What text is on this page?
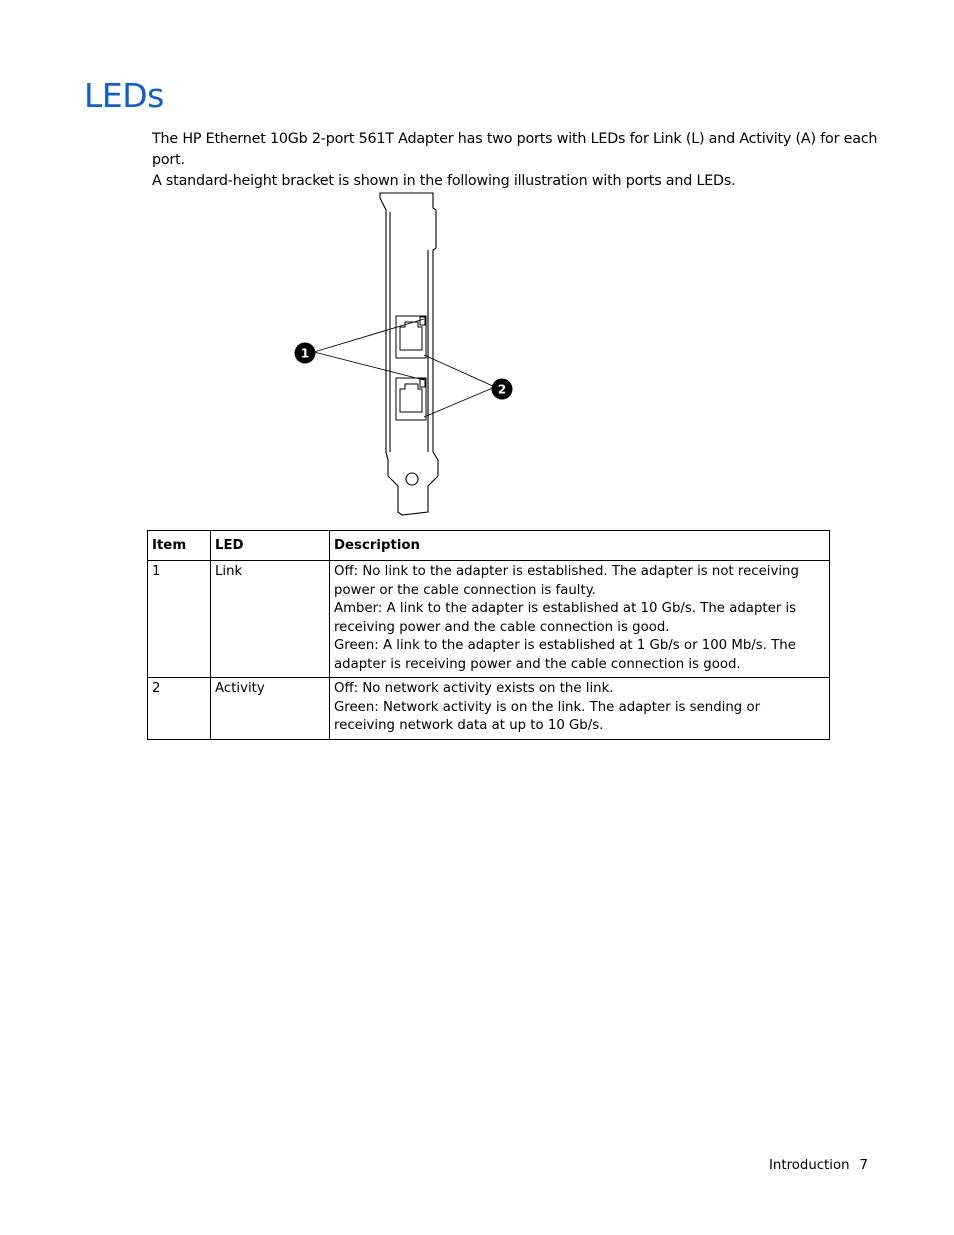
LEDs

The HP Ethernet 10Gb 2-port 561T Adapter has two ports with LEDs for Link (L) and Activity (A) for each port.
A standard-height bracket is shown in the following illustration with ports and LEDs.

1
2
Item	LED	Description
1	Link	Off: No link to the adapter is established. The adapter is not receiving power or the cable connection is faulty.
Amber: A link to the adapter is established at 10 Gb/s. The adapter is receiving power and the cable connection is good.
Green: A link to the adapter is established at 1 Gb/s or 100 Mb/s. The adapter is receiving power and the cable connection is good.

2	Activity	Off: No network activity exists on the link.
Green: Network activity is on the link. The adapter is sending or receiving network data at up to 10 Gb/s.
Introduction 7
